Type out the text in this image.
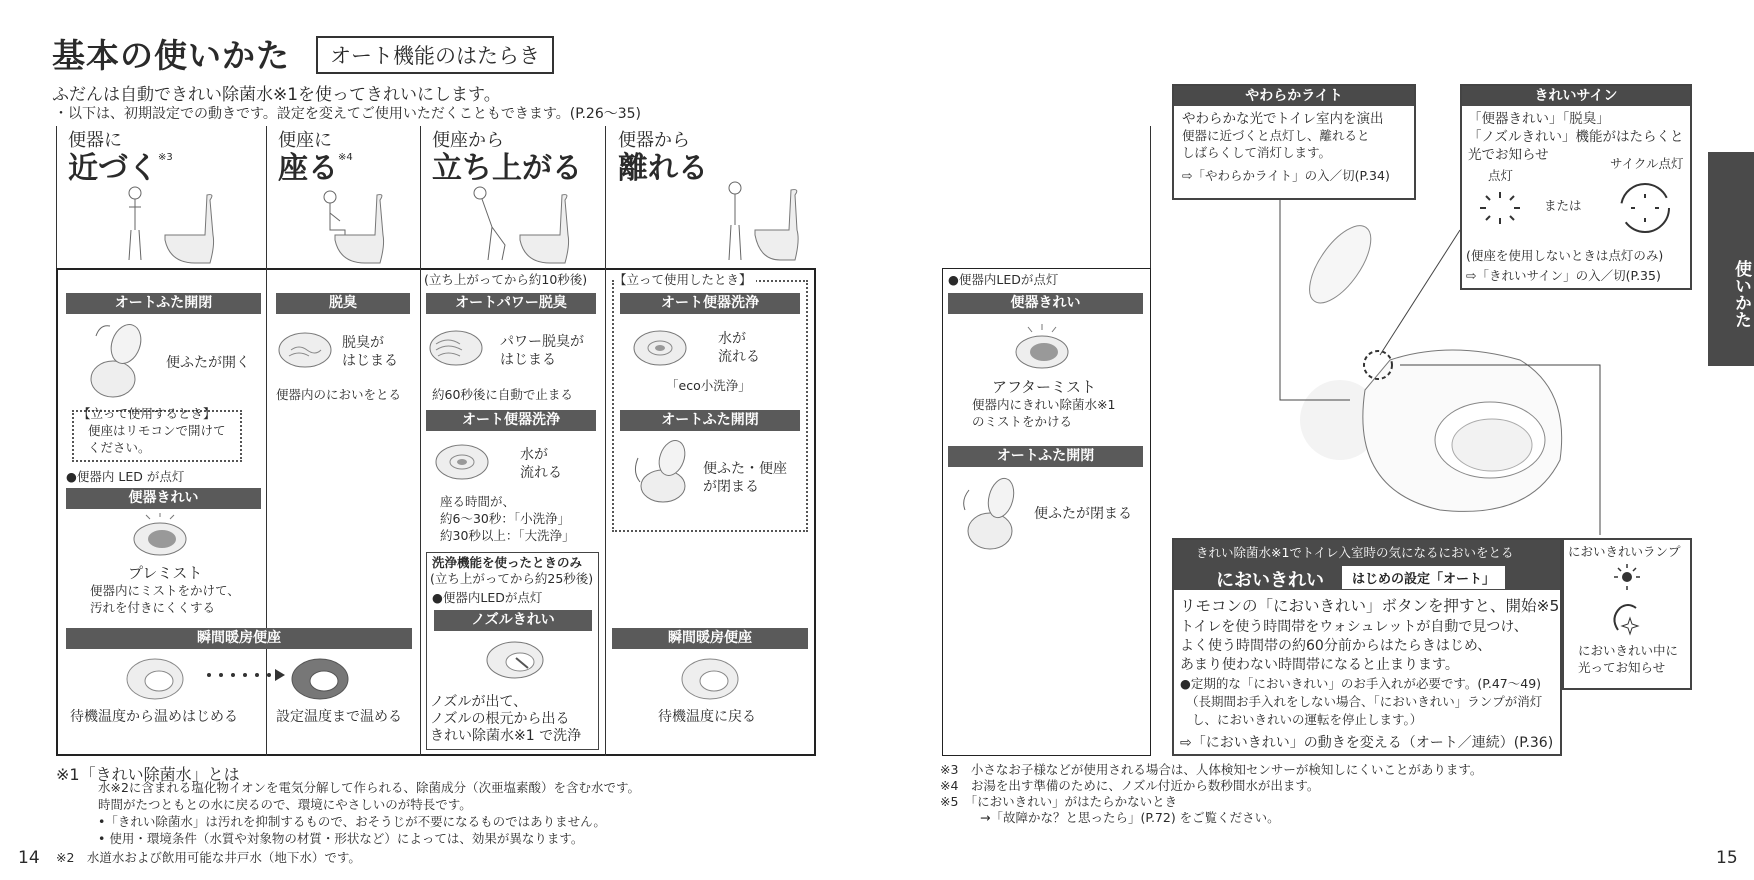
基本の使いかた	オート機能のはたらき
ふだんは自動できれい除菌水※1を使ってきれいにします。
・以下は、初期設定での動きです。設定を変えてご使用いただくこともできます。(P.26～35)
便器に
近づく$^{※3}$
便座に
座る$^{※4}$
便座から
立ち上がる
便器から
離れる
オートふた開閉
便ふたが開く
【立って使用するとき】
便座はリモコンで開けて
ください。
●便器内 LED が点灯
便器きれい
プレミスト
便器内にミストをかけて、
汚れを付きにくくする
脱臭
脱臭が
はじまる
便器内のにおいをとる
(立ち上がってから約10秒後)
オートパワー脱臭
パワー脱臭が
はじまる
約60秒後に自動で止まる
オート便器洗浄
水が
流れる
座る時間が、
約6～30秒：「小洗浄」
約30秒以上：「大洗浄」
洗浄機能を使ったときのみ
(立ち上がってから約25秒後)
●便器内LEDが点灯
ノズルきれい
ノズルが出て、
ノズルの根元から出る
きれい除菌水※1 で洗浄
【立って使用したとき】
オート便器洗浄
水が
流れる
「eco小洗浄」
オートふた開閉
便ふた・便座
が閉まる
瞬間暖房便座	瞬間暖房便座
待機温度から温めはじめる	設定温度まで温める	待機温度に戻る
※1「きれい除菌水」とは
水※2に含まれる塩化物イオンを電気分解して作られる、除菌成分（次亜塩素酸）を含む水です。
時間がたつともとの水に戻るので、環境にやさしいのが特長です。
•「きれい除菌水」は汚れを抑制するもので、おそうじが不要になるものではありません。
• 使用・環境条件（水質や対象物の材質・形状など）によっては、効果が異なります。
※2　水道水および飲用可能な井戸水（地下水）です。
14
●便器内LEDが点灯
便器きれい
アフターミスト
便器内にきれい除菌水※1
のミストをかける
オートふた開閉
便ふたが閉まる
やわらかライト
やわらかな光でトイレ室内を演出
便器に近づくと点灯し、離れると
しばらくして消灯します。
⇨「やわらかライト」の入／切(P.34)
きれいサイン
「便器きれい」「脱臭」
「ノズルきれい」機能がはたらくと
光でお知らせ
点灯
サイクル点灯
または
(便座を使用しないときは点灯のみ)
⇨「きれいサイン」の入／切(P.35)
きれい除菌水※1でトイレ入室時の気になるにおいをとる
においきれい	はじめの設定「オート」
リモコンの「においきれい」ボタンを押すと、開始※5
トイレを使う時間帯をウォシュレットが自動で見つけ、
よく使う時間帯の約60分前からはたらきはじめ、
あまり使わない時間帯になると止まります。
●定期的な「においきれい」のお手入れが必要です。(P.47～49)
（長期間お手入れをしない場合、「においきれい」ランプが消灯
し、においきれいの運転を停止します。）
⇨「においきれい」の動きを変える（オート／連続）(P.36)
においきれいランプ
においきれい中に
光ってお知らせ
※3　小さなお子様などが使用される場合は、人体検知センサーが検知しにくいことがあります。
※4　お湯を出す準備のために、ノズル付近から数秒間水が出ます。
※5　「においきれい」がはたらかないとき
→「故障かな？と思ったら」(P.72) をご覧ください。
15
使いかた
